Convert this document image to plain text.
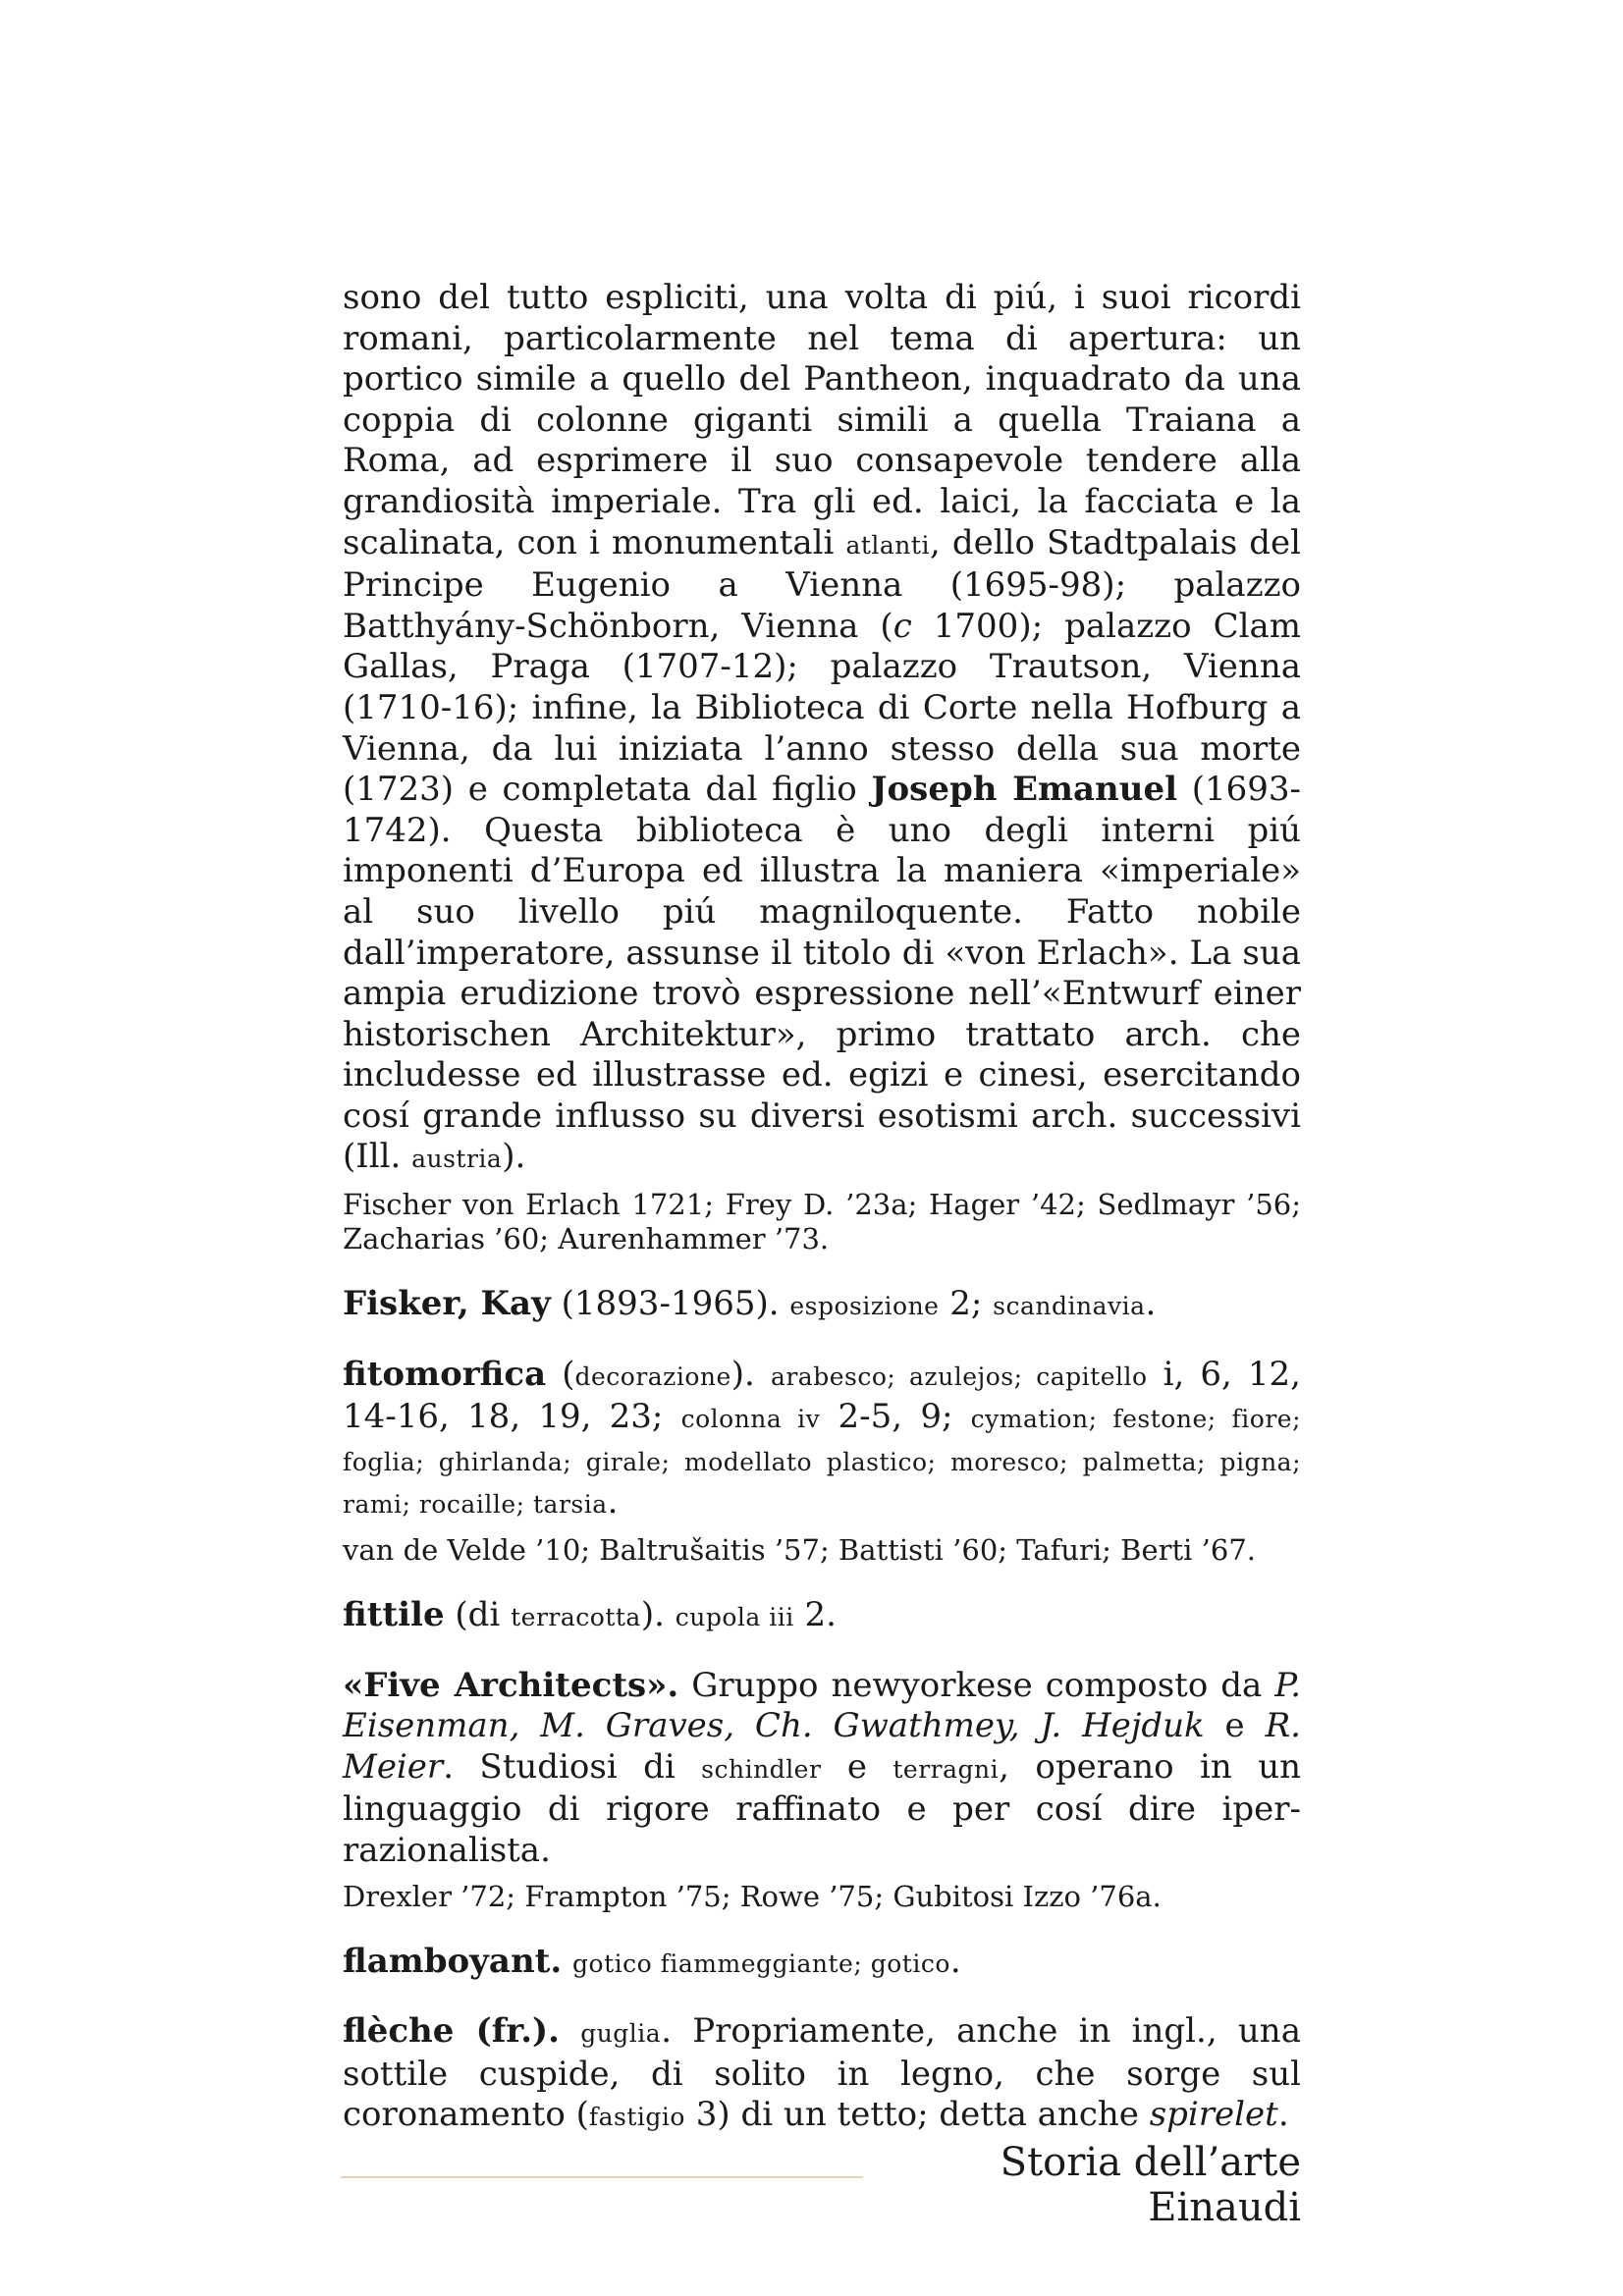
sono del tutto espliciti, una volta di piú, i suoi ricordi romani, particolarmente nel tema di apertura: un portico simile a quello del Pantheon, inquadrato da una coppia di colonne giganti simili a quella Traiana a Roma, ad esprimere il suo consapevole tendere alla grandiosità imperiale. Tra gli ed. laici, la facciata e la scalinata, con i monumentali atlanti, dello Stadtpalais del Principe Eugenio a Vienna (1695-98); palazzo Batthyány-Schönborn, Vienna (c 1700); palazzo Clam Gallas, Praga (1707-12); palazzo Trautson, Vienna (1710-16); infine, la Biblioteca di Corte nella Hofburg a Vienna, da lui iniziata l’anno stesso della sua morte (1723) e completata dal figlio Joseph Emanuel (1693-1742). Questa biblioteca è uno degli interni piú imponenti d’Europa ed illustra la maniera «imperiale» al suo livello piú magniloquente. Fatto nobile dall’imperatore, assunse il titolo di «von Erlach». La sua ampia erudizione trovò espressione nell’«Entwurf einer historischen Architektur», primo trattato arch. che includesse ed illustrasse ed. egizi e cinesi, esercitando cosí grande influsso su diversi esotismi arch. successivi (Ill. austria).

Fischer von Erlach 1721; Frey D. ’23a; Hager ’42; Sedlmayr ’56; Zacharias ’60; Aurenhammer ’73.

Fisker, Kay (1893-1965). esposizione 2; scandinavia.

fitomorfica (decorazione). arabesco; azulejos; capitello i, 6, 12, 14-16, 18, 19, 23; colonna iv 2-5, 9; cymation; festone; fiore; foglia; ghirlanda; girale; modellato plastico; moresco; palmetta; pigna; rami; rocaille; tarsia.

van de Velde ’10; Baltrušaitis ’57; Battisti ’60; Tafuri; Berti ’67.

fittile (di terracotta). cupola iii 2.

«Five Architects». Gruppo newyorkese composto da P. Eisenman, M. Graves, Ch. Gwathmey, J. Hejduk e R. Meier. Studiosi di schindler e terragni, operano in un linguaggio di rigore raffinato e per cosí dire iper-razionalista.

Drexler ’72; Frampton ’75; Rowe ’75; Gubitosi Izzo ’76a.

flamboyant. gotico fiammeggiante; gotico.

flèche (fr.). guglia. Propriamente, anche in ingl., una sottile cuspide, di solito in legno, che sorge sul coronamento (fastigio 3) di un tetto; detta anche spirelet.

Storia dell’arte Einaudi
